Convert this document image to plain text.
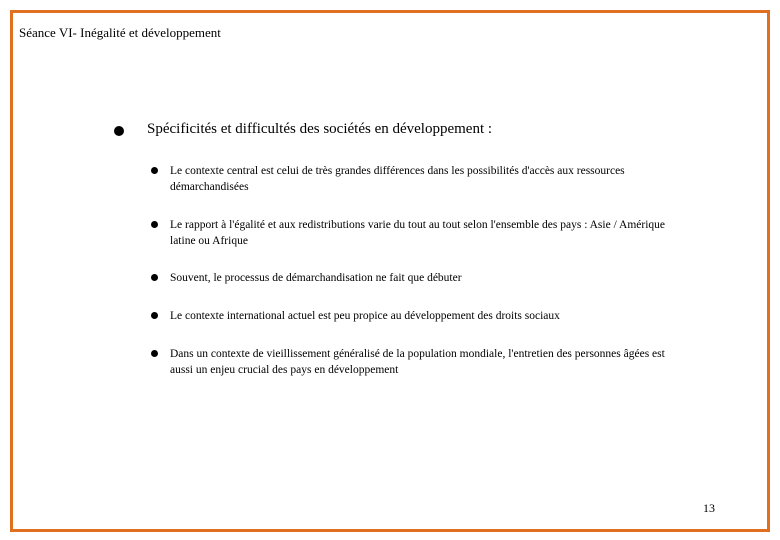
Séance VI- Inégalité et développement
Spécificités et difficultés des sociétés en développement :
Le contexte central est celui de très grandes différences dans les possibilités d'accès aux ressources démarchandisées
Le rapport à l'égalité et aux redistributions varie du tout au tout selon l'ensemble des pays : Asie / Amérique latine ou Afrique
Souvent, le processus de démarchandisation ne fait que débuter
Le contexte international actuel est peu propice au développement des droits sociaux
Dans un contexte de vieillissement généralisé de la population mondiale, l'entretien des personnes âgées est aussi un enjeu crucial des pays en développement
13
